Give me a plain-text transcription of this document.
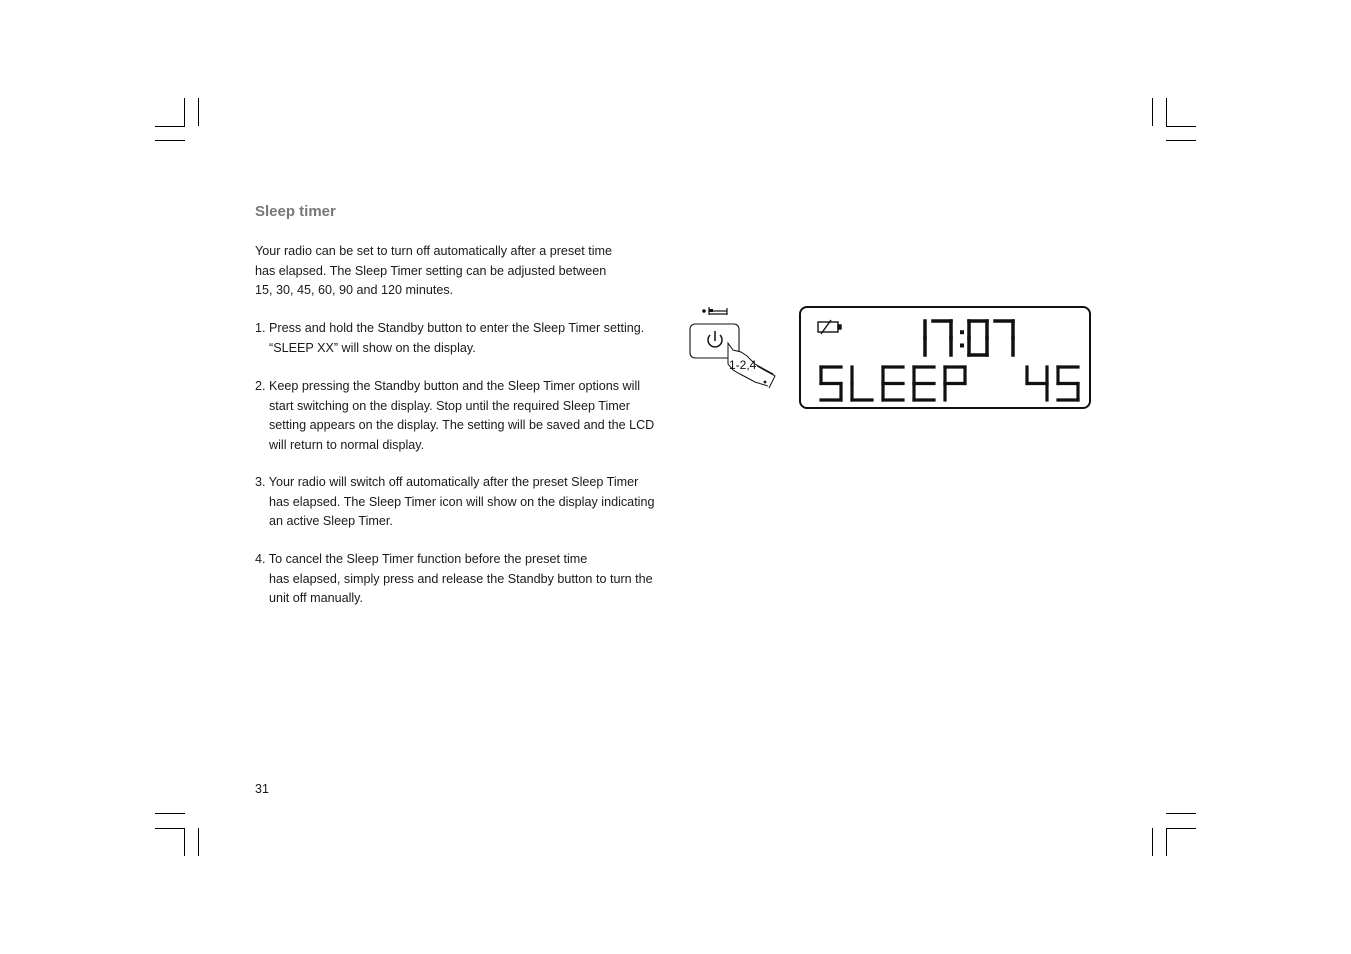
Sleep timer
Your radio can be set to turn off automatically after a preset time
has elapsed. The Sleep Timer setting can be adjusted between
15, 30, 45, 60, 90 and 120 minutes.
1. Press and hold the Standby button to enter the Sleep Timer setting.
“SLEEP XX” will show on the display.
2. Keep pressing the Standby button and the Sleep Timer options will
start switching on the display. Stop until the required Sleep Timer
setting appears on the display. The setting will be saved and the LCD
will return to normal display.
3. Your radio will switch off automatically after the preset Sleep Timer
has elapsed. The Sleep Timer icon will show on the display indicating
an active Sleep Timer.
4. To cancel the Sleep Timer function before the preset time
has elapsed, simply press and release the Standby button to turn the
unit off manually.
31
1-2,4
